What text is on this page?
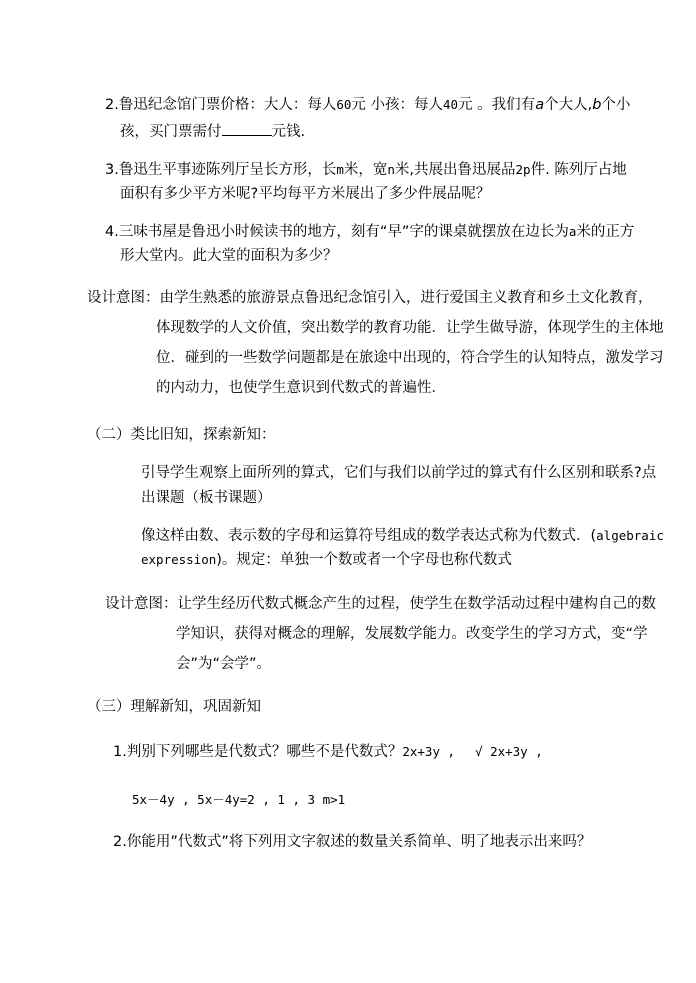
2.鲁迅纪念馆门票价格：大人：每人60元 小孩：每人40元 。我们有a个大人,b个小
孩，买门票需付	元钱.
3.鲁迅生平事迹陈列厅呈长方形，长m米，宽n米,共展出鲁迅展品2p件. 陈列厅占地
面积有多少平方米呢?平均每平方米展出了多少件展品呢？
4.三味书屋是鲁迅小时候读书的地方，刻有“早”字的课桌就摆放在边长为a米的正方
形大堂内。此大堂的面积为多少？
设计意图：由学生熟悉的旅游景点鲁迅纪念馆引入，进行爱国主义教育和乡土文化教育，
体现数学的人文价值，突出数学的教育功能．让学生做导游，体现学生的主体地
位．碰到的一些数学问题都是在旅途中出现的，符合学生的认知特点，激发学习
的内动力，也使学生意识到代数式的普遍性．
（二）类比旧知，探索新知：
引导学生观察上面所列的算式，它们与我们以前学过的算式有什么区别和联系?点
出课题（板书课题）
像这样由数、表示数的字母和运算符号组成的数学表达式称为代数式．(algebraic
expression)。规定：单独一个数或者一个字母也称代数式
设计意图：让学生经历代数式概念产生的过程，使学生在数学活动过程中建构自己的数
学知识，获得对概念的理解，发展数学能力。改变学生的学习方式，变“学
会”为“会学”。
（三）理解新知，巩固新知
1.判别下列哪些是代数式？哪些不是代数式？2x+3y , √ 2x+3y ,
5x－4y , 5x－4y=2 , 1 , 3 m>1
2.你能用”代数式”将下列用文字叙述的数量关系简单、明了地表示出来吗？
